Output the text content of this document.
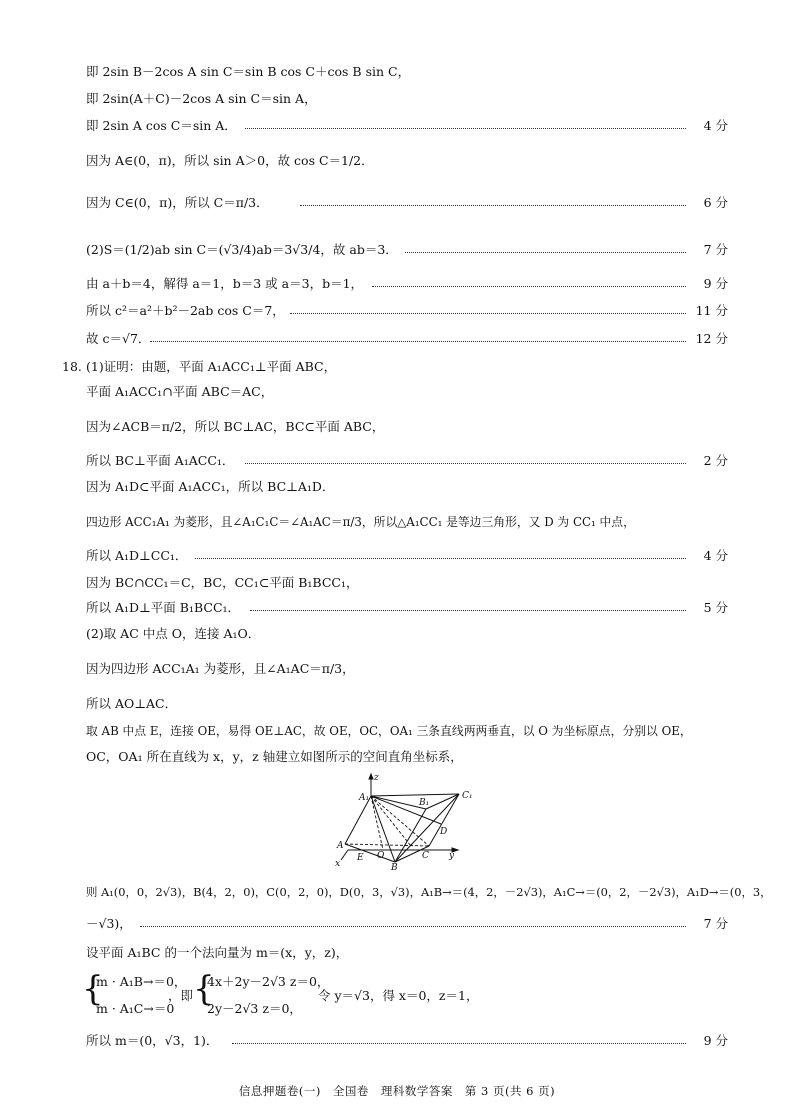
即 2sin B－2cos A sin C＝sin B cos C＋cos B sin C，
即 2sin(A＋C)－2cos A sin C＝sin A，
即 2sin A cos C＝sin A．	4 分
因为 A∈(0，π)，所以 sin A＞0，故 cos C＝1/2．
因为 C∈(0，π)，所以 C＝π/3．	6 分
(2)S＝(1/2)ab sin C＝(√3/4)ab＝3√3/4，故 ab＝3．	7 分
由 a＋b＝4，解得 a＝1，b＝3 或 a＝3，b＝1，	9 分
所以 c²＝a²＋b²－2ab cos C＝7，	11 分
故 c＝√7．	12 分
18. (1)证明：由题，平面 A₁ACC₁⊥平面 ABC，
平面 A₁ACC₁∩平面 ABC＝AC，
因为∠ACB＝π/2，所以 BC⊥AC，BC⊂平面 ABC，
所以 BC⊥平面 A₁ACC₁．	2 分
因为 A₁D⊂平面 A₁ACC₁，所以 BC⊥A₁D．
四边形 ACC₁A₁ 为菱形，且∠A₁C₁C＝∠A₁AC＝π/3，所以△A₁CC₁ 是等边三角形，又 D 为 CC₁ 中点，
所以 A₁D⊥CC₁．	4 分
因为 BC∩CC₁＝C，BC，CC₁⊂平面 B₁BCC₁，
所以 A₁D⊥平面 B₁BCC₁．	5 分
(2)取 AC 中点 O，连接 A₁O．
因为四边形 ACC₁A₁ 为菱形，且∠A₁AC＝π/3，
所以 AO⊥AC．
取 AB 中点 E，连接 OE，易得 OE⊥AC，故 OE，OC，OA₁ 三条直线两两垂直，以 O 为坐标原点，分别以 OE，
OC，OA₁ 所在直线为 x，y，z 轴建立如图所示的空间直角坐标系，
z
A₁	B₁
C₁
D
A
E O	C
B
x
y
则 A₁(0，0，2√3)，B(4，2，0)，C(0，2，0)，D(0，3，√3)，A₁B→＝(4，2，－2√3)，A₁C→＝(0，2，－2√3)，A₁D→＝(0，3，
－√3)，	7 分
设平面 A₁BC 的一个法向量为 m＝(x，y，z)，
{
m · A₁B→＝0，
m · A₁C→＝0
，即 {
4x＋2y－2√3 z＝0，
2y－2√3 z＝0，
令 y＝√3，得 x＝0，z＝1，
所以 m＝(0，√3，1)．	9 分
信息押题卷(一)　全国卷　理科数学答案　第 3 页(共 6 页)
